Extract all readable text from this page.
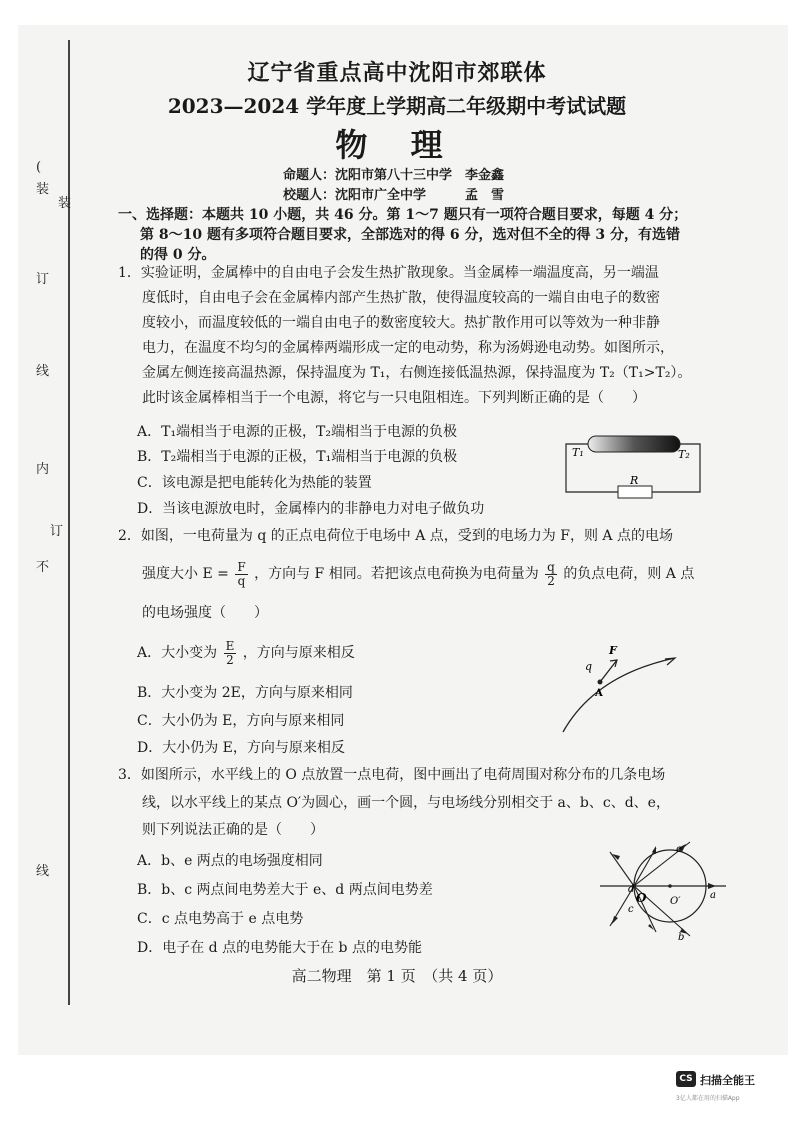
(
装
装
订
线
内
订
不
线
辽宁省重点高中沈阳市郊联体
2023—2024 学年度上学期高二年级期中考试试题
物 理
命题人：沈阳市第八十三中学　李金鑫
校题人：沈阳市广全中学　　　孟　雪
一、选择题：本题共 10 小题，共 46 分。第 1～7 题只有一项符合题目要求，每题 4 分；
第 8～10 题有多项符合题目要求，全部选对的得 6 分，选对但不全的得 3 分，有选错
的得 0 分。
1．实验证明，金属棒中的自由电子会发生热扩散现象。当金属棒一端温度高，另一端温
度低时，自由电子会在金属棒内部产生热扩散，使得温度较高的一端自由电子的数密
度较小，而温度较低的一端自由电子的数密度较大。热扩散作用可以等效为一种非静
电力，在温度不均匀的金属棒两端形成一定的电动势，称为汤姆逊电动势。如图所示，
金属左侧连接高温热源，保持温度为 T₁，右侧连接低温热源，保持温度为 T₂（T₁>T₂）。
此时该金属棒相当于一个电源，将它与一只电阻相连。下列判断正确的是（　　）
A．T₁端相当于电源的正极，T₂端相当于电源的负极
B．T₂端相当于电源的正极，T₁端相当于电源的负极
C．该电源是把电能转化为热能的装置
D．当该电源放电时，金属棒内的非静电力对电子做负功
T₁	T₂
R
2．如图，一电荷量为 q 的正点电荷位于电场中 A 点，受到的电场力为 F，则 A 点的电场
强度大小 $E = \frac{F}{q}$ ，方向与 F 相同。若把该点电荷换为电荷量为 $\frac{q}{2}$ 的负点电荷，则 A 点
的电场强度（　　）
A．大小变为 $\frac{E}{2}$ ，方向与原来相反
B．大小变为 2E，方向与原来相同
C．大小仍为 E，方向与原来相同
D．大小仍为 E，方向与原来相反
F
q
A
3．如图所示，水平线上的 O 点放置一点电荷，图中画出了电荷周围对称分布的几条电场
线，以水平线上的某点 O′为圆心，画一个圆，与电场线分别相交于 a、b、c、d、e，
则下列说法正确的是（　　）
A．b、e 两点的电场强度相同
B．b、c 两点间电势差大于 e、d 两点间电势差
C．c 点电势高于 e 点电势
D．电子在 d 点的电势能大于在 b 点的电势能
a
b
c
d
e
O O′
高二物理　第 1 页　（共 4 页）
CS 扫描全能王
3亿人都在用的扫描App
